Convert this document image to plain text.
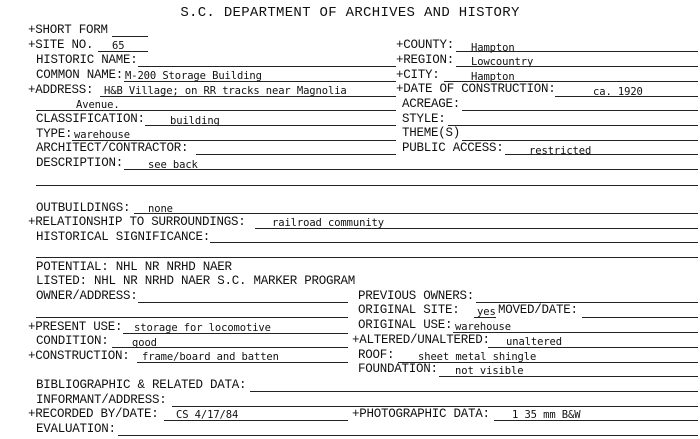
S.C. DEPARTMENT OF ARCHIVES AND HISTORY
+SHORT FORM
+SITE NO. 65
HISTORIC NAME:
COMMON NAME: M-200 Storage Building
+ADDRESS: H&B Village; on RR tracks near Magnolia
Avenue.
CLASSIFICATION: building
TYPE: warehouse
ARCHITECT/CONTRACTOR:
DESCRIPTION: see back
OUTBUILDINGS: none
+RELATIONSHIP TO SURROUNDINGS:	railroad community
HISTORICAL SIGNIFICANCE:
POTENTIAL: NHL NR NRHD NAER
LISTED: NHL NR NRHD NAER S.C. MARKER PROGRAM
OWNER/ADDRESS:
+PRESENT USE: storage for locomotive
CONDITION: good
+CONSTRUCTION: frame/board and batten
BIBLIOGRAPHIC & RELATED DATA:
INFORMANT/ADDRESS:
+RECORDED BY/DATE: CS 4/17/84
EVALUATION:
+COUNTY: Hampton
+REGION: Lowcountry
+CITY:	Hampton
+DATE OF CONSTRUCTION:	ca. 1920
ACREAGE:
STYLE:
THEME(S)
PUBLIC ACCESS: restricted
PREVIOUS OWNERS:
ORIGINAL SITE: yes MOVED/DATE:
ORIGINAL USE: warehouse
+ALTERED/UNALTERED: unaltered
ROOF: sheet metal shingle
FOUNDATION: not visible
+PHOTOGRAPHIC DATA: 1 35 mm B&W
